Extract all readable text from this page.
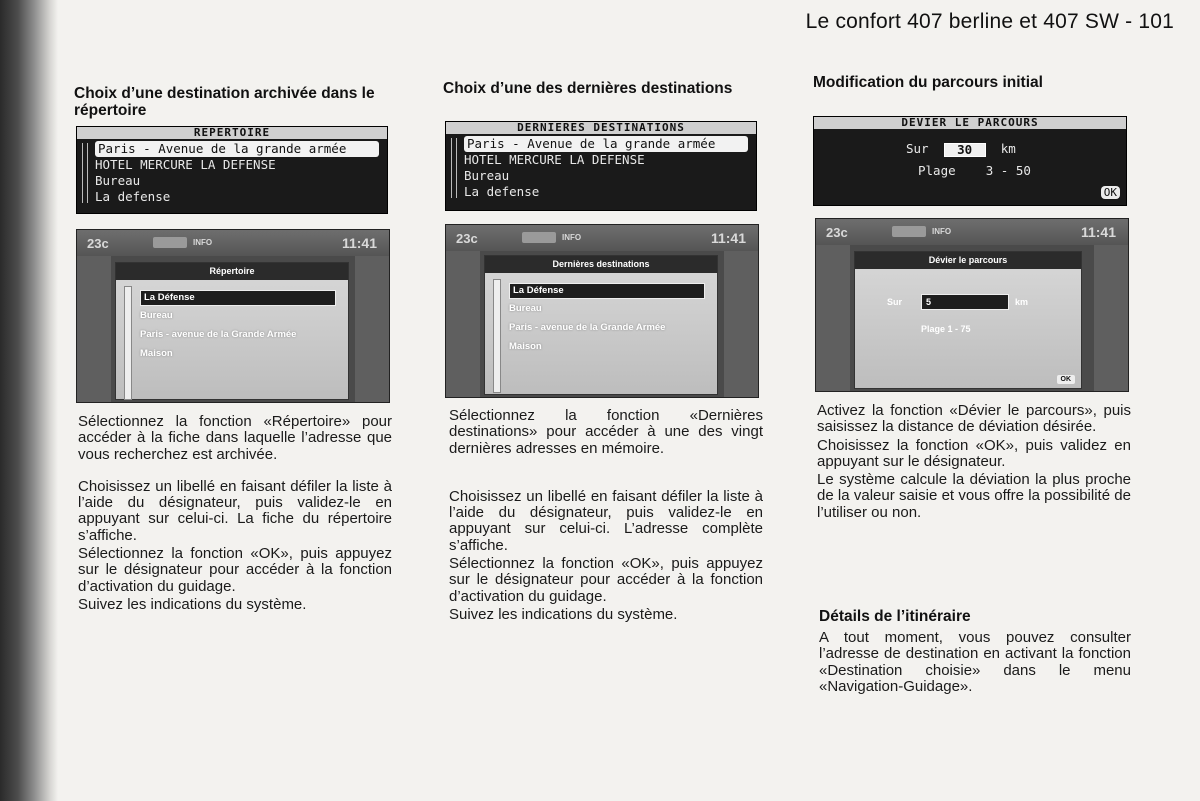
Le confort 407 berline et 407 SW - 101
Choix d’une destination archivée dans le répertoire
REPERTOIRE
Paris - Avenue de la grande armée
HOTEL MERCURE LA DEFENSE
Bureau
La defense
23c	INFO	11:41
Répertoire
La Défense
Bureau
Paris - avenue de la Grande Armée
Maison

Sélectionnez la fonction «Répertoire» pour accéder à la fiche dans laquelle l’adresse que vous recherchez est archivée.

Choisissez un libellé en faisant défiler la liste à l’aide du désignateur, puis validez-le en appuyant sur celui-ci. La fiche du répertoire s’affiche.

Sélectionnez la fonction «OK», puis appuyez sur le désignateur pour accéder à la fonction d’activation du guidage.

Suivez les indications du système.

Choix d’une des dernières destinations
DERNIERES DESTINATIONS
Paris - Avenue de la grande armée
HOTEL MERCURE LA DEFENSE
Bureau
La defense
23c	INFO	11:41
Dernières destinations
La Défense
Bureau
Paris - avenue de la Grande Armée
Maison

Sélectionnez la fonction «Dernières destinations» pour accéder à une des vingt dernières adresses en mémoire.

Choisissez un libellé en faisant défiler la liste à l’aide du désignateur, puis validez-le en appuyant sur celui-ci. L’adresse complète s’affiche.

Sélectionnez la fonction «OK», puis appuyez sur le désignateur pour accéder à la fonction d’activation du guidage.

Suivez les indications du système.

Modification du parcours initial
DEVIER LE PARCOURS
Sur 30 km
Plage 3 - 50
OK
23c	INFO	11:41
Dévier le parcours
Sur	5	km
Plage 1 - 75
OK

Activez la fonction «Dévier le parcours», puis saisissez la distance de déviation désirée.

Choisissez la fonction «OK», puis validez en appuyant sur le désignateur.

Le système calcule la déviation la plus proche de la valeur saisie et vous offre la possibilité de l’utiliser ou non.

Détails de l’itinéraire

A tout moment, vous pouvez consulter l’adresse de destination en activant la fonction «Destination choisie» dans le menu «Navigation-Guidage».
